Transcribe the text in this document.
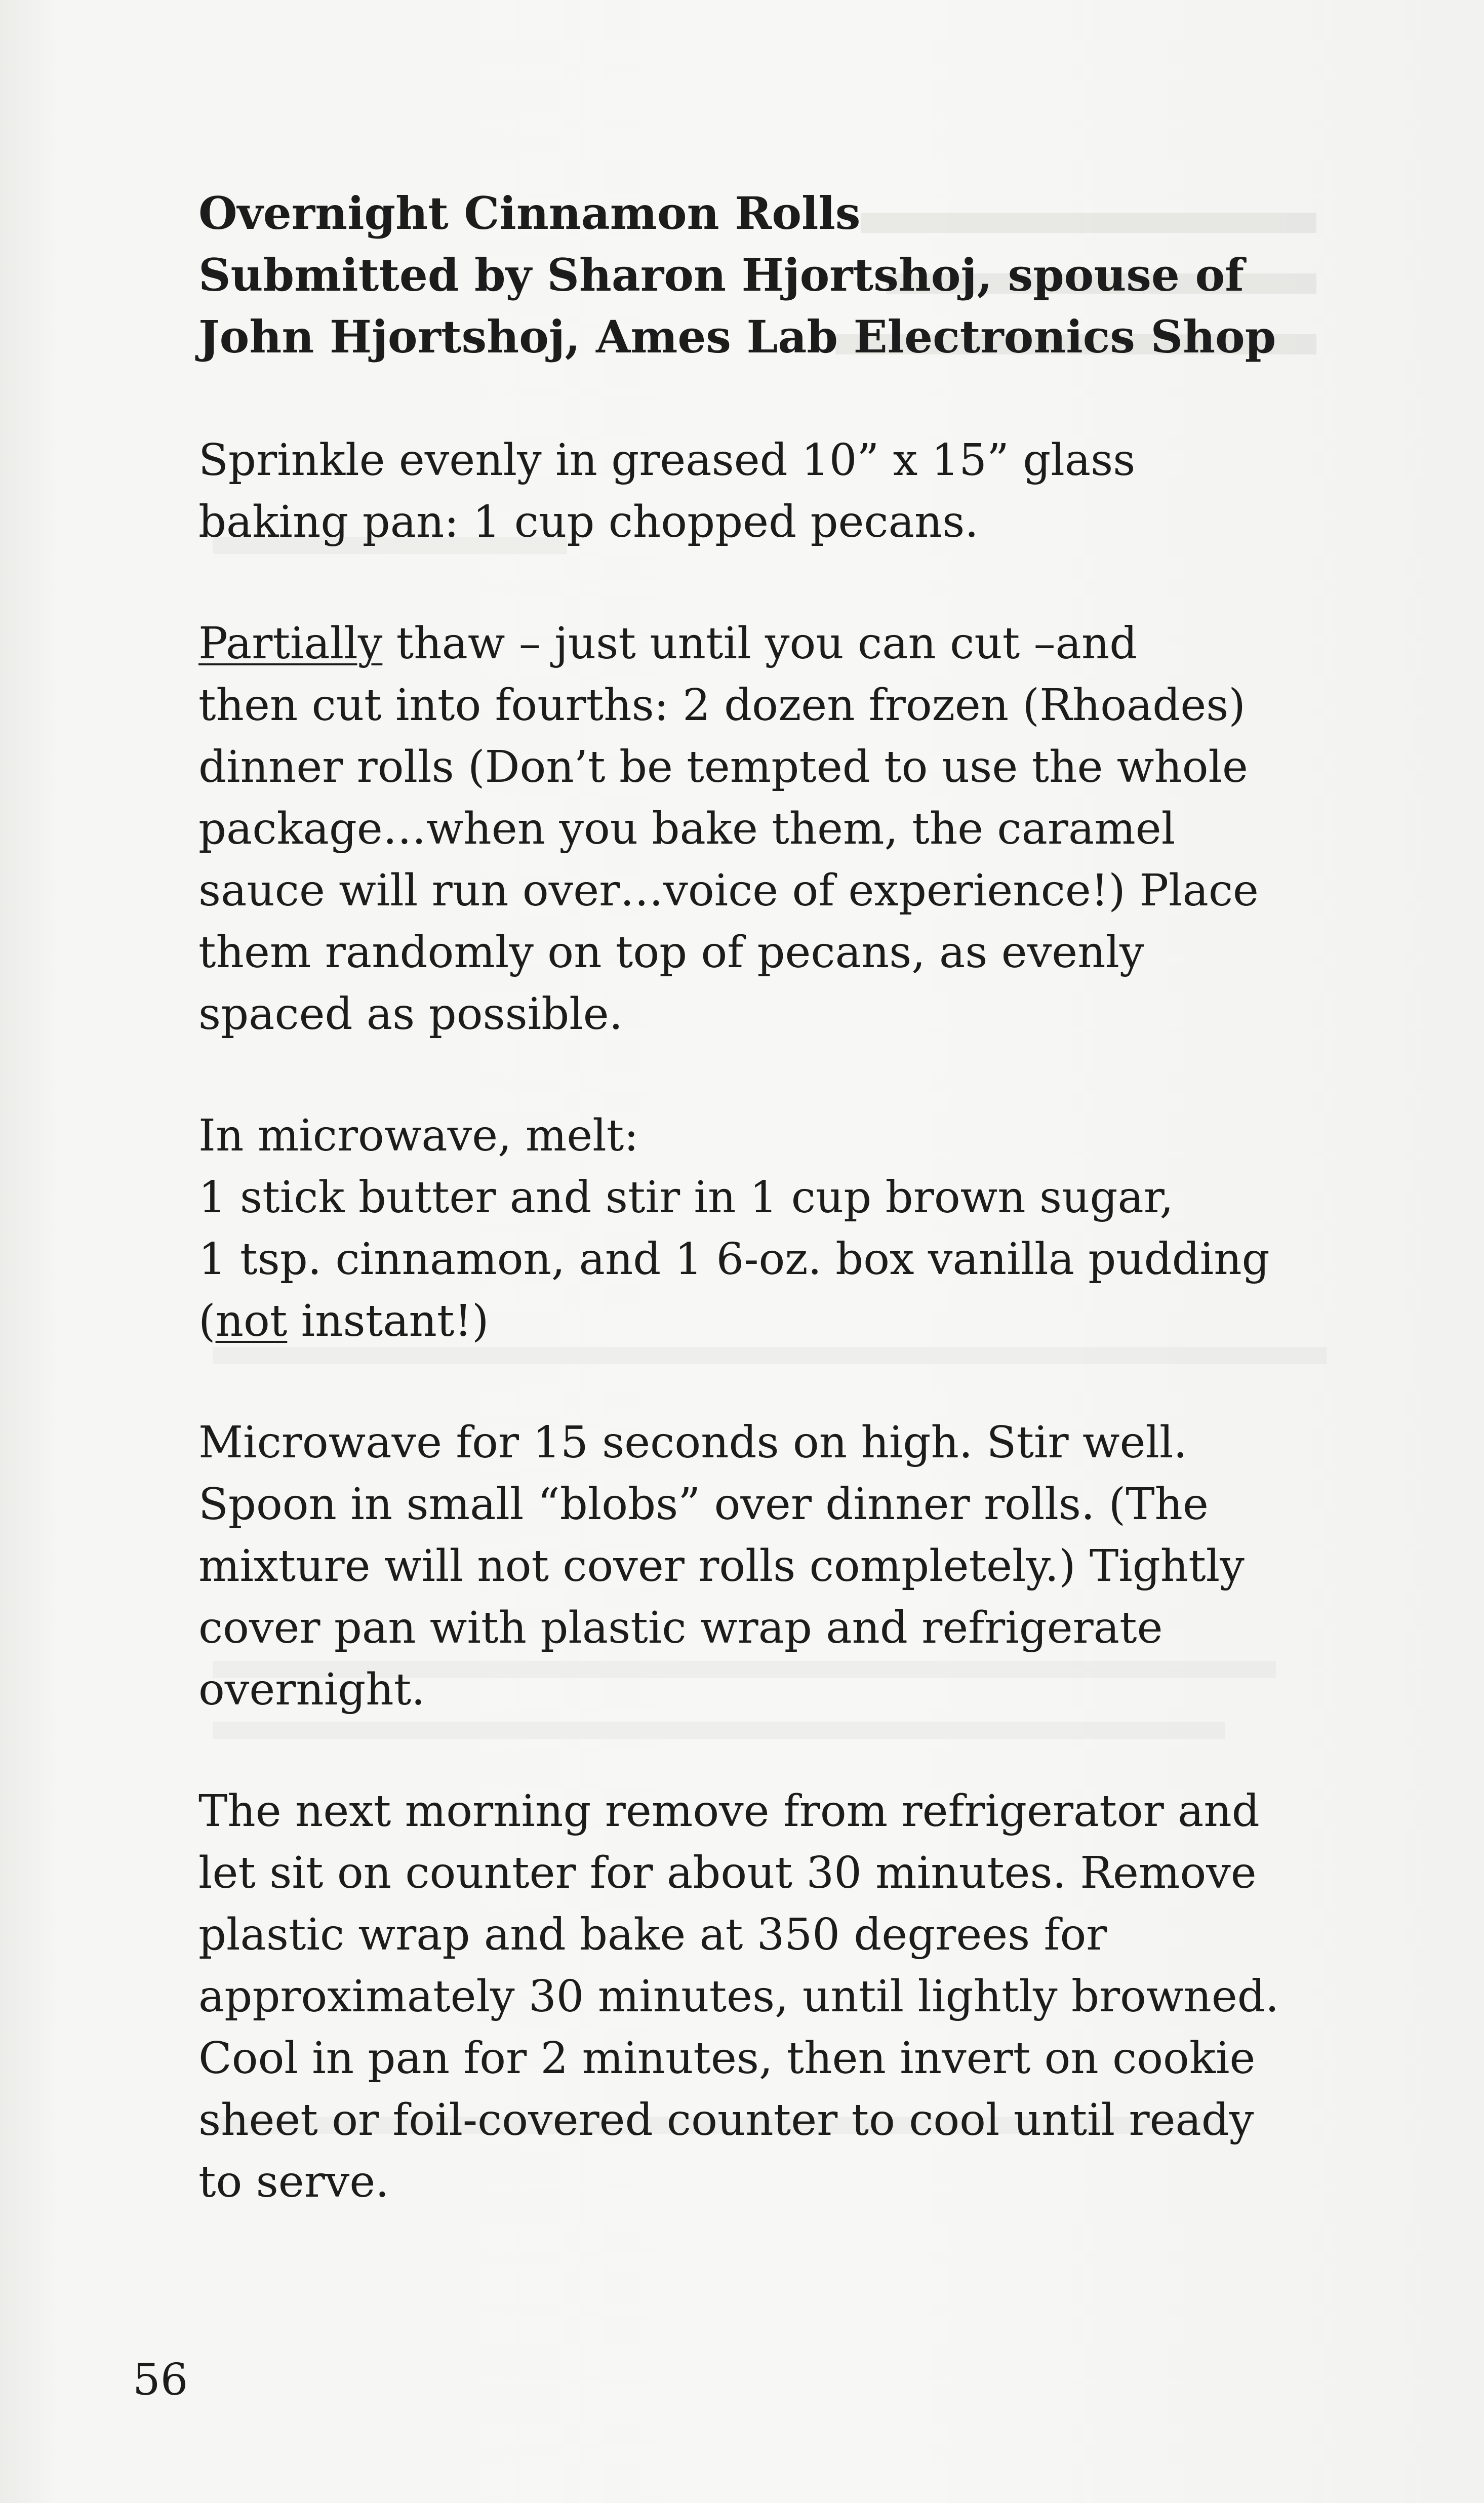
Overnight Cinnamon Rolls
Submitted by Sharon Hjortshoj, spouse of
John Hjortshoj, Ames Lab Electronics Shop
Sprinkle evenly in greased 10” x 15” glass
baking pan: 1 cup chopped pecans.
Partially thaw – just until you can cut –and
then cut into fourths: 2 dozen frozen (Rhoades)
dinner rolls (Don’t be tempted to use the whole
package…when you bake them, the caramel
sauce will run over…voice of experience!) Place
them randomly on top of pecans, as evenly
spaced as possible.
In microwave, melt:
1 stick butter and stir in 1 cup brown sugar,
1 tsp. cinnamon, and 1 6-oz. box vanilla pudding
(not instant!)
Microwave for 15 seconds on high. Stir well.
Spoon in small “blobs” over dinner rolls. (The
mixture will not cover rolls completely.) Tightly
cover pan with plastic wrap and refrigerate
overnight.
The next morning remove from refrigerator and
let sit on counter for about 30 minutes. Remove
plastic wrap and bake at 350 degrees for
approximately 30 minutes, until lightly browned.
Cool in pan for 2 minutes, then invert on cookie
sheet or foil-covered counter to cool until ready
to serve.
56
